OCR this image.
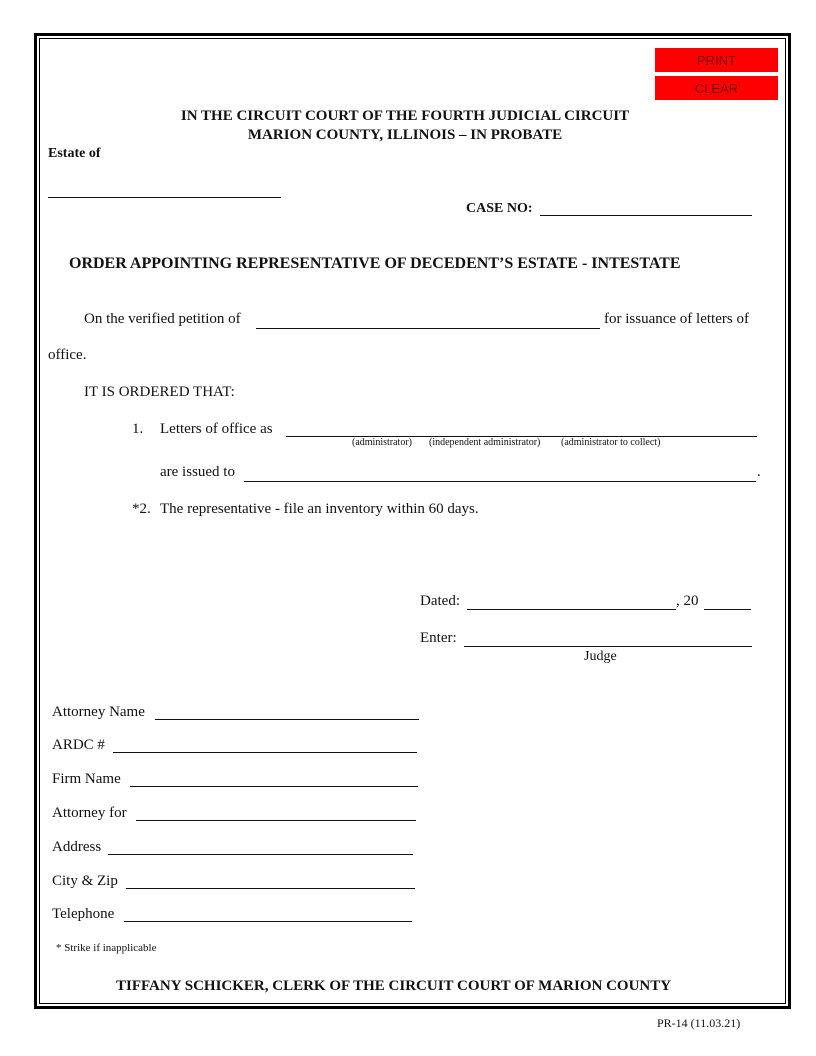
PRINT
CLEAR
IN THE CIRCUIT COURT OF THE FOURTH JUDICIAL CIRCUIT
MARION COUNTY, ILLINOIS – IN PROBATE
Estate of
CASE NO:
ORDER APPOINTING REPRESENTATIVE OF DECEDENT’S ESTATE - INTESTATE
On the verified petition of	for issuance of letters of
office.
IT IS ORDERED THAT:
1. Letters of office as
(administrator) (independent administrator) (administrator to collect)
are issued to	.
*2. The representative - file an inventory within 60 days.
Dated:	, 20
Enter:
Judge
Attorney Name
ARDC #
Firm Name
Attorney for
Address
City & Zip
Telephone
* Strike if inapplicable
TIFFANY SCHICKER, CLERK OF THE CIRCUIT COURT OF MARION COUNTY
PR-14 (11.03.21)
